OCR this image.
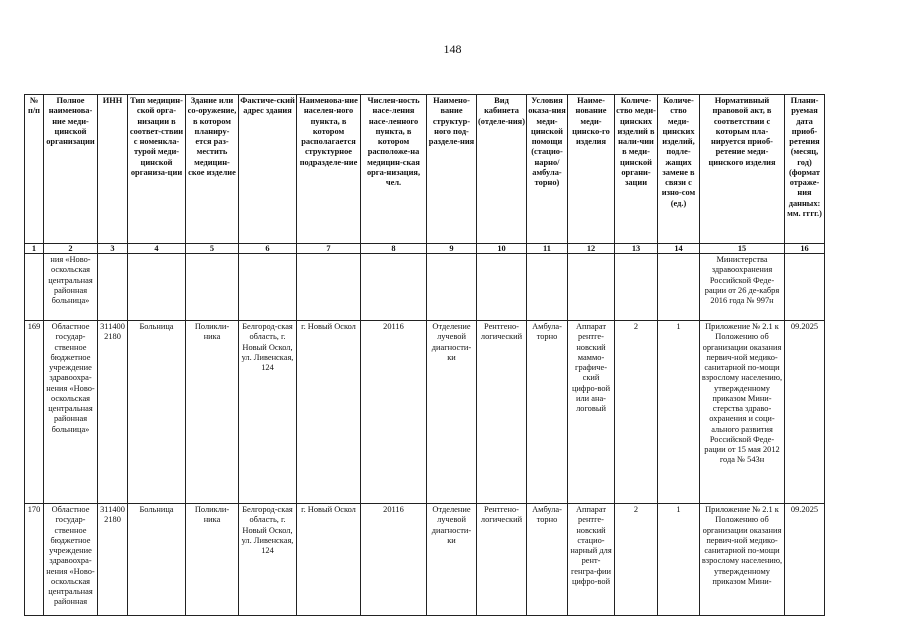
148
№ п/п	Полное наименова-ние меди-цинской организации	ИНН	Тип медицин-ской орга-низации в соответ-ствии с номенкла-турой меди-цинской организа-ции	Здание или со-оружение, в котором планиру-ется раз-местить медицин-ское изделие	Фактиче-ский адрес здания	Наименова-ние населен-ного пункта, в котором располагается структурное подразделе-ние	Числен-ность насе-ления насе-ленного пункта, в котором расположе-на медицин-ская орга-низация, чел.	Наимено-вание структур-ного под-разделе-ния	Вид кабинета (отделе-ния)	Условия оказа-ния меди-цинской помощи (стацио-нарно/ амбула-торно)	Наиме-нование меди-цинско-го изделия	Количе-ство меди-цинских изделий в нали-чии в меди-цинской органи-зации	Количе-ство меди-цинских изделий, подле-жащих замене в связи с изно-сом (ед.)	Нормативный правовой акт, в соответствии с которым пла-нируется приоб-ретение меди-цинского изделия	Плани-руемая дата приоб-ретения (месяц, год) (формат отраже-ния данных: мм. гггг.)
1	2	3	4	5	6	7	8	9	10	11	12	13	14	15	16
	ния «Ново-оскольская центральная районная больница»													Министерства здравоохранения Российской Феде-рации от 26 де-кабря 2016 года № 997н	
169	Областное государ-ственное бюджетное учреждение здравоохра-нения «Ново-оскольская центральная районная больница»	311400 2180	Больница	Поликли-ника	Белгород-ская область, г. Новый Оскол, ул. Ливенская, 124	г. Новый Оскол	20116	Отделение лучевой диагности-ки	Рентгено-логический	Амбула-торно	Аппарат рентге-новский маммо-графиче-ский цифро-вой или ана-логовый	2	1	Приложение № 2.1 к Положению об организации оказания первич-ной медико-санитарной по-мощи взрослому населению, утвержденному приказом Мини-стерства здраво-охранения и соци-ального развития Российской Феде-рации от 15 мая 2012 года № 543н	09.2025
170	Областное государ-ственное бюджетное учреждение здравоохра-нения «Ново-оскольская центральная районная	311400 2180	Больница	Поликли-ника	Белгород-ская область, г. Новый Оскол, ул. Ливенская, 124	г. Новый Оскол	20116	Отделение лучевой диагности-ки	Рентгено-логический	Амбула-торно	Аппарат рентге-новский стацио-нарный для рент-генгра-фии цифро-вой	2	1	Приложение № 2.1 к Положению об организации оказания первич-ной медико-санитарной по-мощи взрослому населению, утвержденному приказом Мини-	09.2025
